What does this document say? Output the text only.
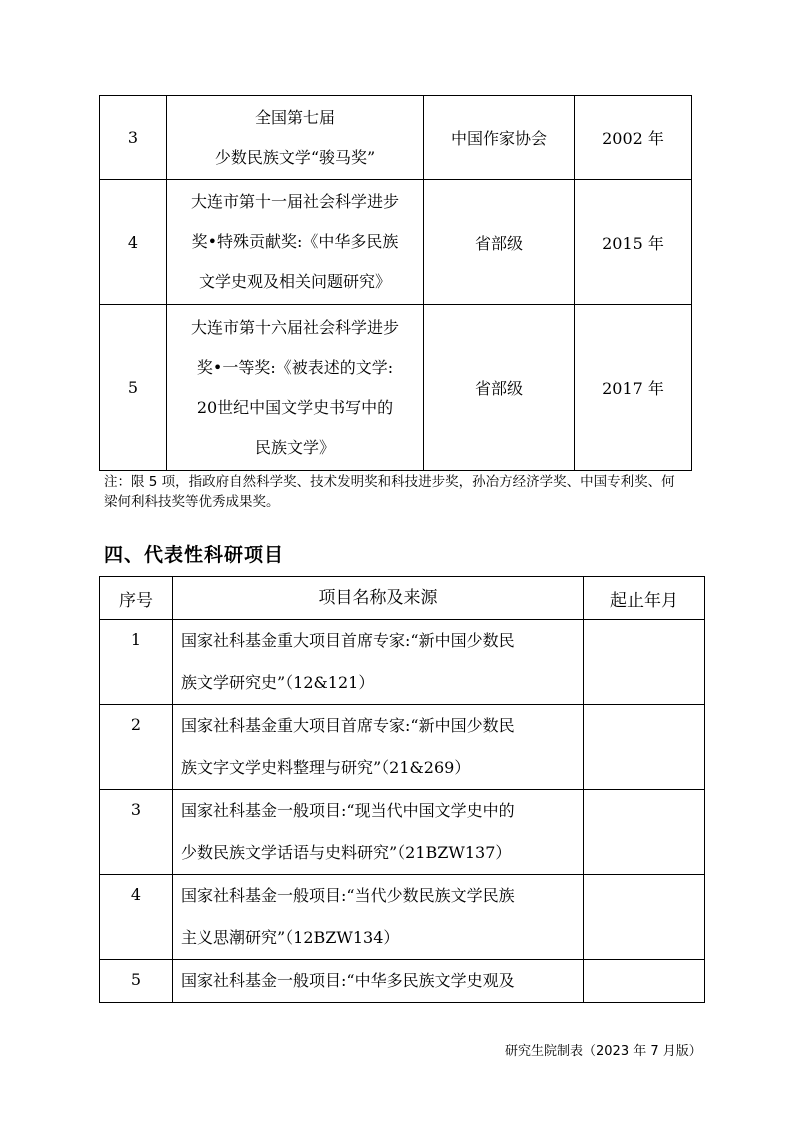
3	全国第七届
少数民族文学“骏马奖”	中国作家协会	2002 年
4	大连市第十一届社会科学进步
奖•特殊贡献奖:《中华多民族
文学史观及相关问题研究》	省部级	2015 年
5	大连市第十六届社会科学进步
奖•一等奖:《被表述的文学:
20世纪中国文学史书写中的
民族文学》	省部级	2017 年
注：限 5 项，指政府自然科学奖、技术发明奖和科技进步奖，孙冶方经济学奖、中国专利奖、何
梁何利科技奖等优秀成果奖。
四、代表性科研项目
序号	项目名称及来源	起止年月
1	国家社科基金重大项目首席专家:“新中国少数民
族文学研究史”（12&121）	

2	国家社科基金重大项目首席专家:“新中国少数民
族文字文学史料整理与研究”（21&269）	

3	国家社科基金一般项目:“现当代中国文学史中的
少数民族文学话语与史料研究”（21BZW137）	

4	国家社科基金一般项目:“当代少数民族文学民族
主义思潮研究”（12BZW134）	

5	国家社科基金一般项目:“中华多民族文学史观及	

研究生院制表（2023 年 7 月版）
